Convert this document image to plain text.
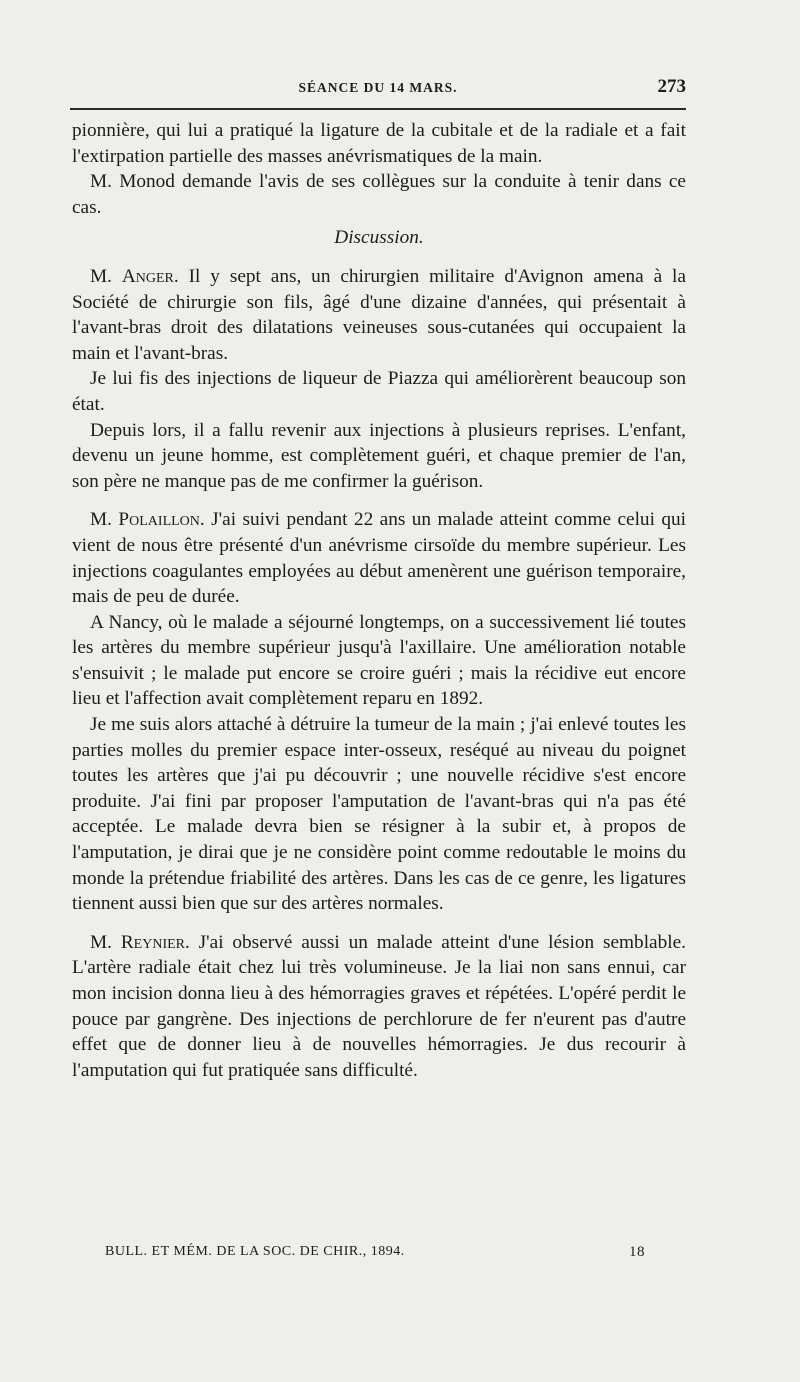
SÉANCE DU 14 MARS.	273

pionnière, qui lui a pratiqué la ligature de la cubitale et de la radiale et a fait l'extirpation partielle des masses anévrismatiques de la main.

M. Monod demande l'avis de ses collègues sur la conduite à tenir dans ce cas.

Discussion.

M. Anger. Il y sept ans, un chirurgien militaire d'Avignon amena à la Société de chirurgie son fils, âgé d'une dizaine d'années, qui présentait à l'avant-bras droit des dilatations veineuses sous-cutanées qui occupaient la main et l'avant-bras.

Je lui fis des injections de liqueur de Piazza qui améliorèrent beaucoup son état.

Depuis lors, il a fallu revenir aux injections à plusieurs reprises. L'enfant, devenu un jeune homme, est complètement guéri, et chaque premier de l'an, son père ne manque pas de me confirmer la guérison.

M. Polaillon. J'ai suivi pendant 22 ans un malade atteint comme celui qui vient de nous être présenté d'un anévrisme cirsoïde du membre supérieur. Les injections coagulantes employées au début amenèrent une guérison temporaire, mais de peu de durée.

A Nancy, où le malade a séjourné longtemps, on a successivement lié toutes les artères du membre supérieur jusqu'à l'axillaire. Une amélioration notable s'ensuivit ; le malade put encore se croire guéri ; mais la récidive eut encore lieu et l'affection avait complètement reparu en 1892.

Je me suis alors attaché à détruire la tumeur de la main ; j'ai enlevé toutes les parties molles du premier espace inter-osseux, reséqué au niveau du poignet toutes les artères que j'ai pu découvrir ; une nouvelle récidive s'est encore produite. J'ai fini par proposer l'amputation de l'avant-bras qui n'a pas été acceptée. Le malade devra bien se résigner à la subir et, à propos de l'amputation, je dirai que je ne considère point comme redoutable le moins du monde la prétendue friabilité des artères. Dans les cas de ce genre, les ligatures tiennent aussi bien que sur des artères normales.

M. Reynier. J'ai observé aussi un malade atteint d'une lésion semblable. L'artère radiale était chez lui très volumineuse. Je la liai non sans ennui, car mon incision donna lieu à des hémorragies graves et répétées. L'opéré perdit le pouce par gangrène. Des injections de perchlorure de fer n'eurent pas d'autre effet que de donner lieu à de nouvelles hémorragies. Je dus recourir à l'amputation qui fut pratiquée sans difficulté.

BULL. ET MÉM. DE LA SOC. DE CHIR., 1894.	18
